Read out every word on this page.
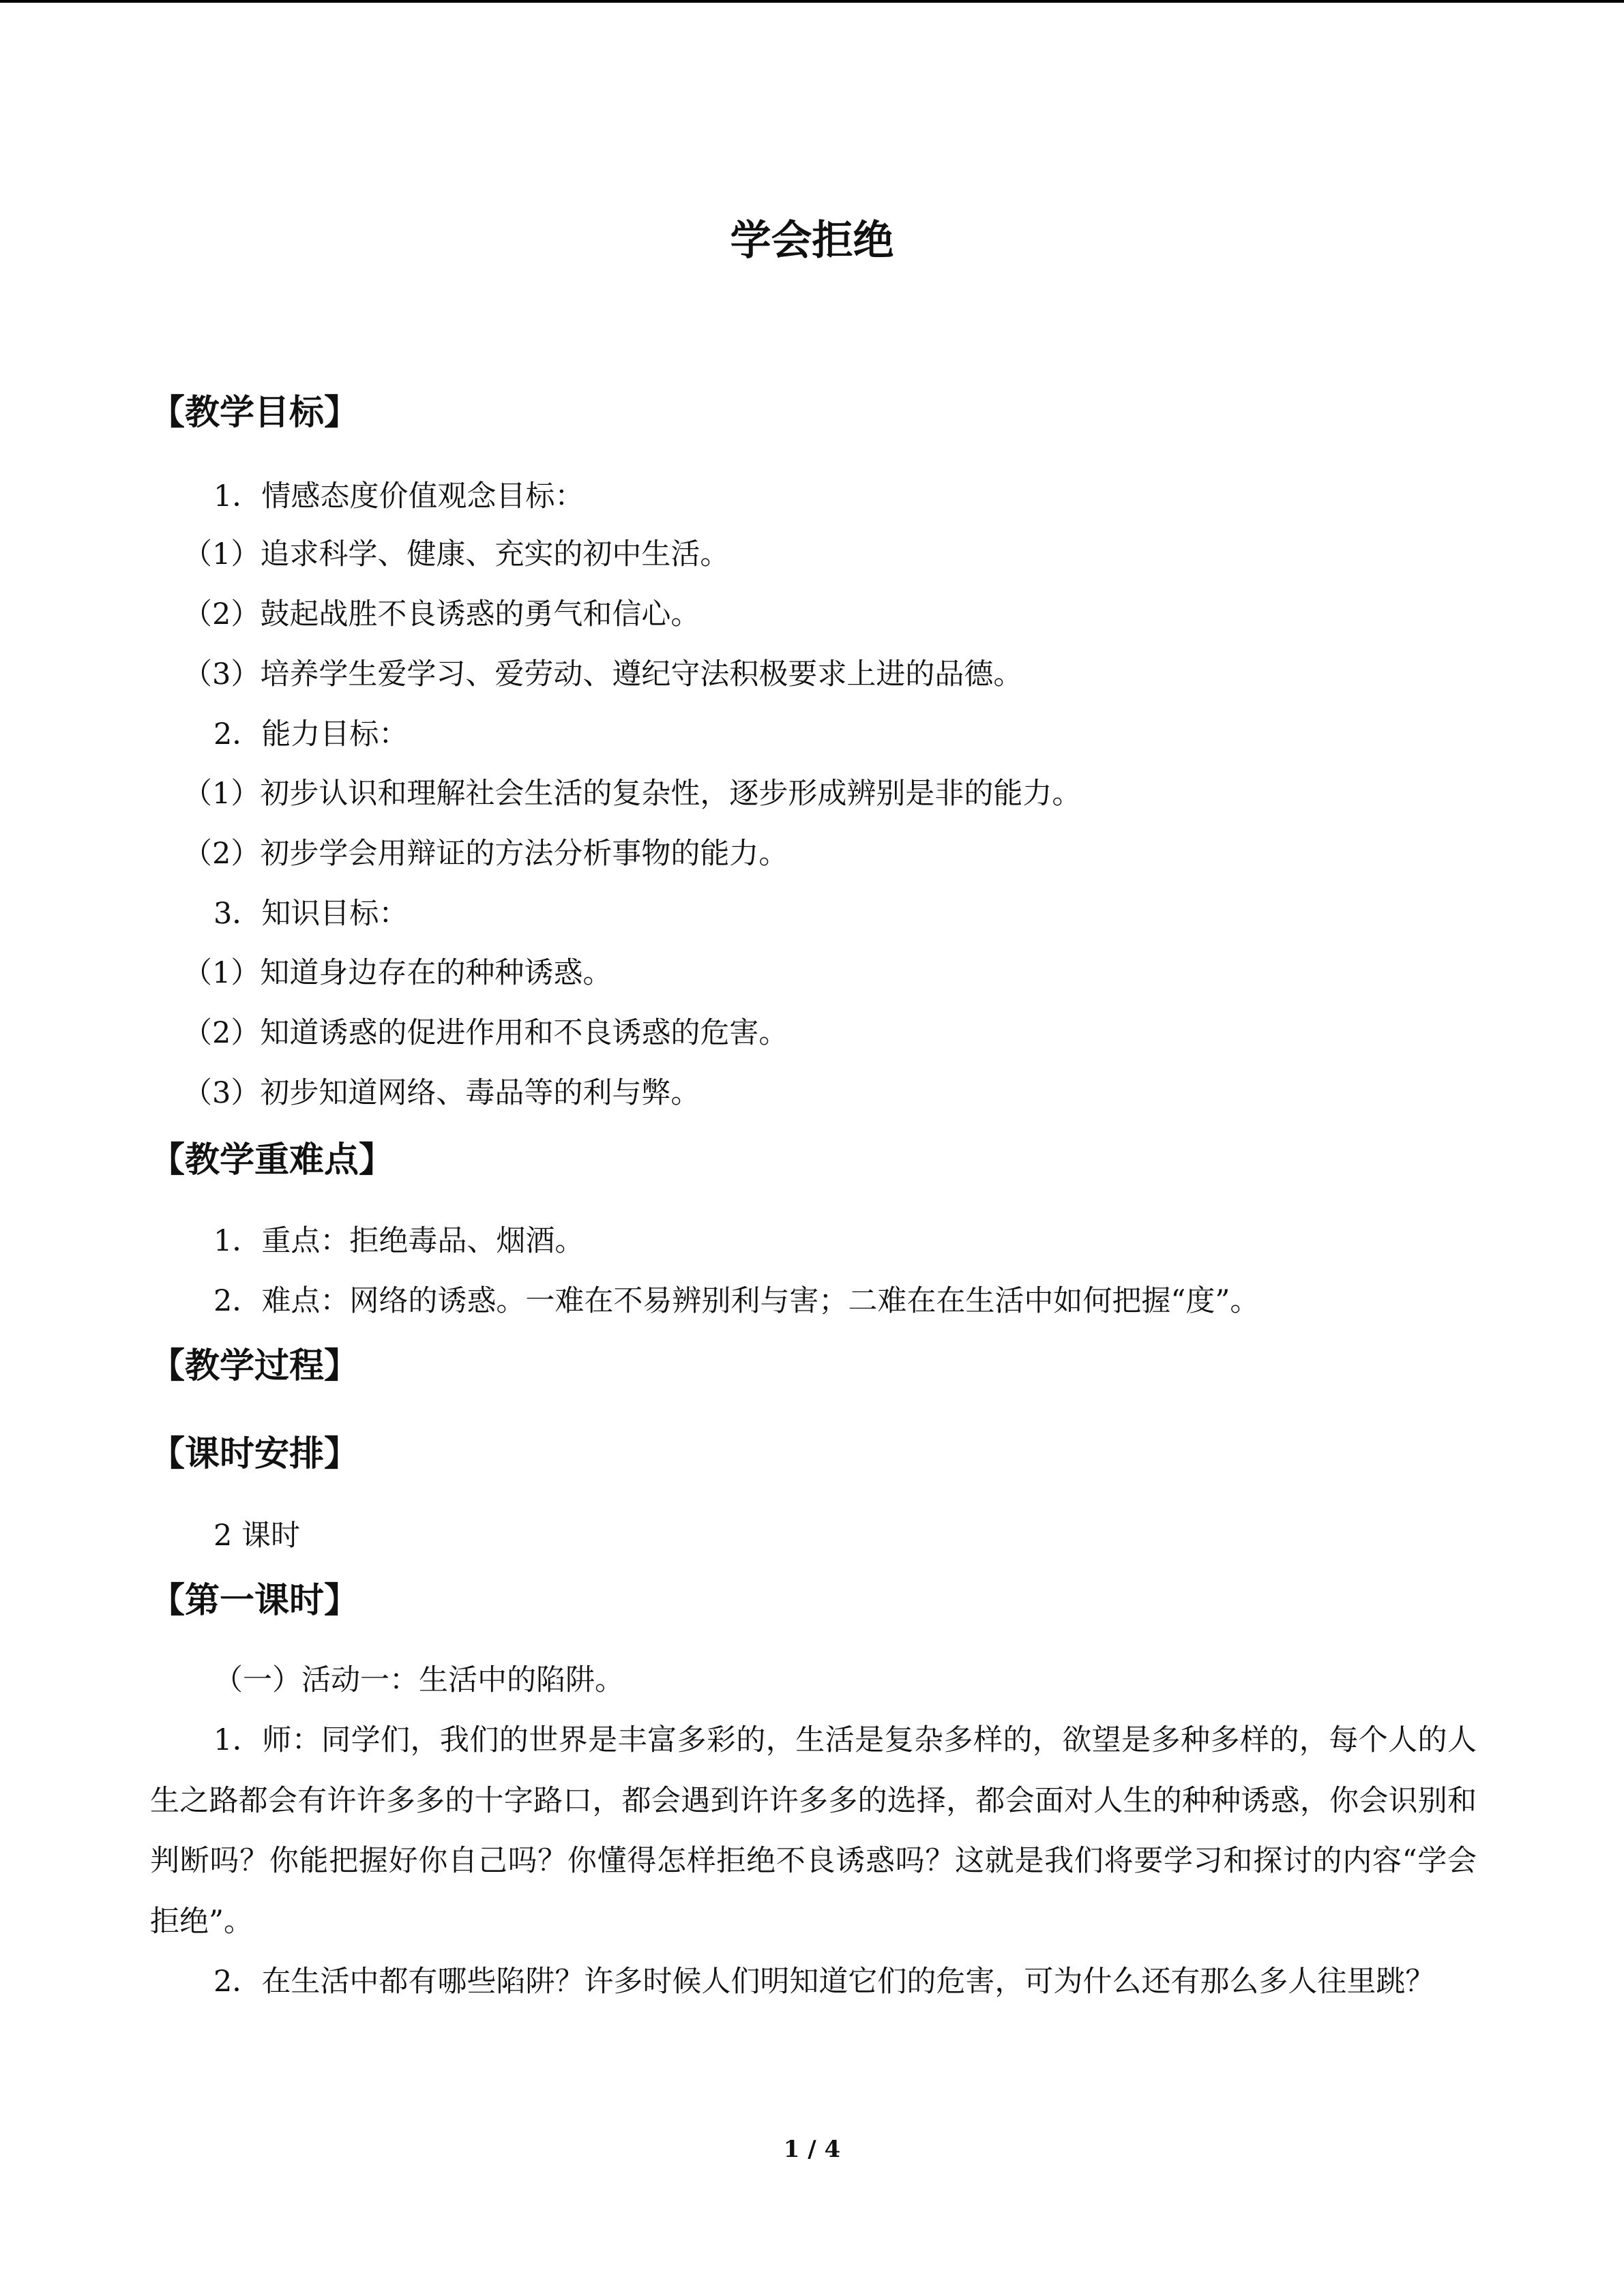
学会拒绝
【教学目标】
1．情感态度价值观念目标：
（1）追求科学、健康、充实的初中生活。
（2）鼓起战胜不良诱惑的勇气和信心。
（3）培养学生爱学习、爱劳动、遵纪守法积极要求上进的品德。
2．能力目标：
（1）初步认识和理解社会生活的复杂性，逐步形成辨别是非的能力。
（2）初步学会用辩证的方法分析事物的能力。
3．知识目标：
（1）知道身边存在的种种诱惑。
（2）知道诱惑的促进作用和不良诱惑的危害。
（3）初步知道网络、毒品等的利与弊。
【教学重难点】
1．重点：拒绝毒品、烟酒。
2．难点：网络的诱惑。一难在不易辨别利与害；二难在在生活中如何把握“度”。
【教学过程】
【课时安排】
2 课时
【第一课时】
（一）活动一：生活中的陷阱。
1．师：同学们，我们的世界是丰富多彩的，生活是复杂多样的，欲望是多种多样的，每个人的人生之路都会有许许多多的十字路口，都会遇到许许多多的选择，都会面对人生的种种诱惑，你会识别和判断吗？你能把握好你自己吗？你懂得怎样拒绝不良诱惑吗？这就是我们将要学习和探讨的内容“学会拒绝”。
2．在生活中都有哪些陷阱？许多时候人们明知道它们的危害，可为什么还有那么多人往里跳？
1 / 4
